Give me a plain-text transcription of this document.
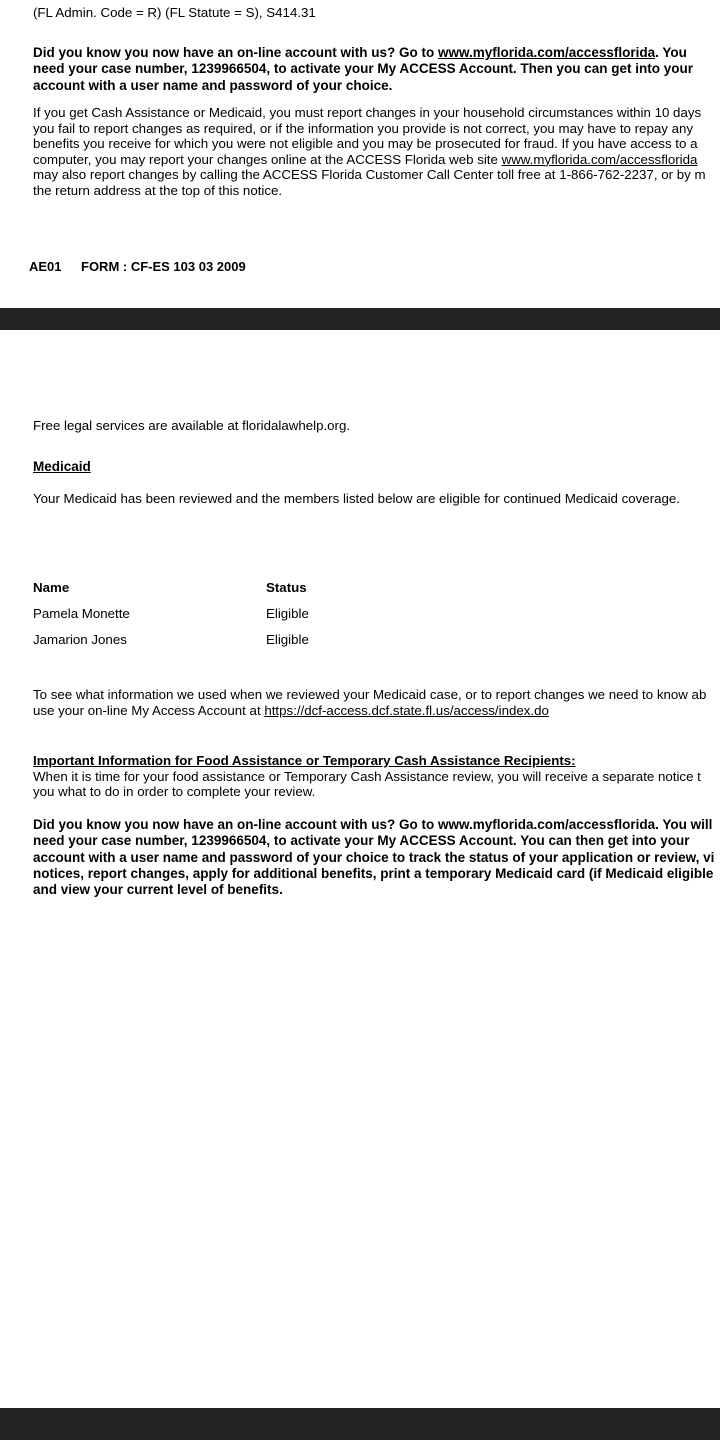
(FL Admin. Code = R) (FL Statute = S), S414.31
Did you know you now have an on-line account with us? Go to www.myflorida.com/accessflorida. You
need your case number, 1239966504, to activate your My ACCESS Account. Then you can get into your
account with a user name and password of your choice.
If you get Cash Assistance or Medicaid, you must report changes in your household circumstances within 10 days
you fail to report changes as required, or if the information you provide is not correct, you may have to repay any
benefits you receive for which you were not eligible and you may be prosecuted for fraud. If you have access to a
computer, you may report your changes online at the ACCESS Florida web site www.myflorida.com/accessflorida
may also report changes by calling the ACCESS Florida Customer Call Center toll free at 1-866-762-2237, or by m
the return address at the top of this notice.
AE01 FORM : CF-ES 103 03 2009
Free legal services are available at floridalawhelp.org.
Medicaid
Your Medicaid has been reviewed and the members listed below are eligible for continued Medicaid coverage.
Name	Status
Pamela Monette	Eligible
Jamarion Jones	Eligible
To see what information we used when we reviewed your Medicaid case, or to report changes we need to know ab
use your on-line My Access Account at https://dcf-access.dcf.state.fl.us/access/index.do
Important Information for Food Assistance or Temporary Cash Assistance Recipients:
When it is time for your food assistance or Temporary Cash Assistance review, you will receive a separate notice t
you what to do in order to complete your review.
Did you know you now have an on-line account with us? Go to www.myflorida.com/accessflorida. You will
need your case number, 1239966504, to activate your My ACCESS Account. You can then get into your
account with a user name and password of your choice to track the status of your application or review, vi
notices, report changes, apply for additional benefits, print a temporary Medicaid card (if Medicaid eligible
and view your current level of benefits.
